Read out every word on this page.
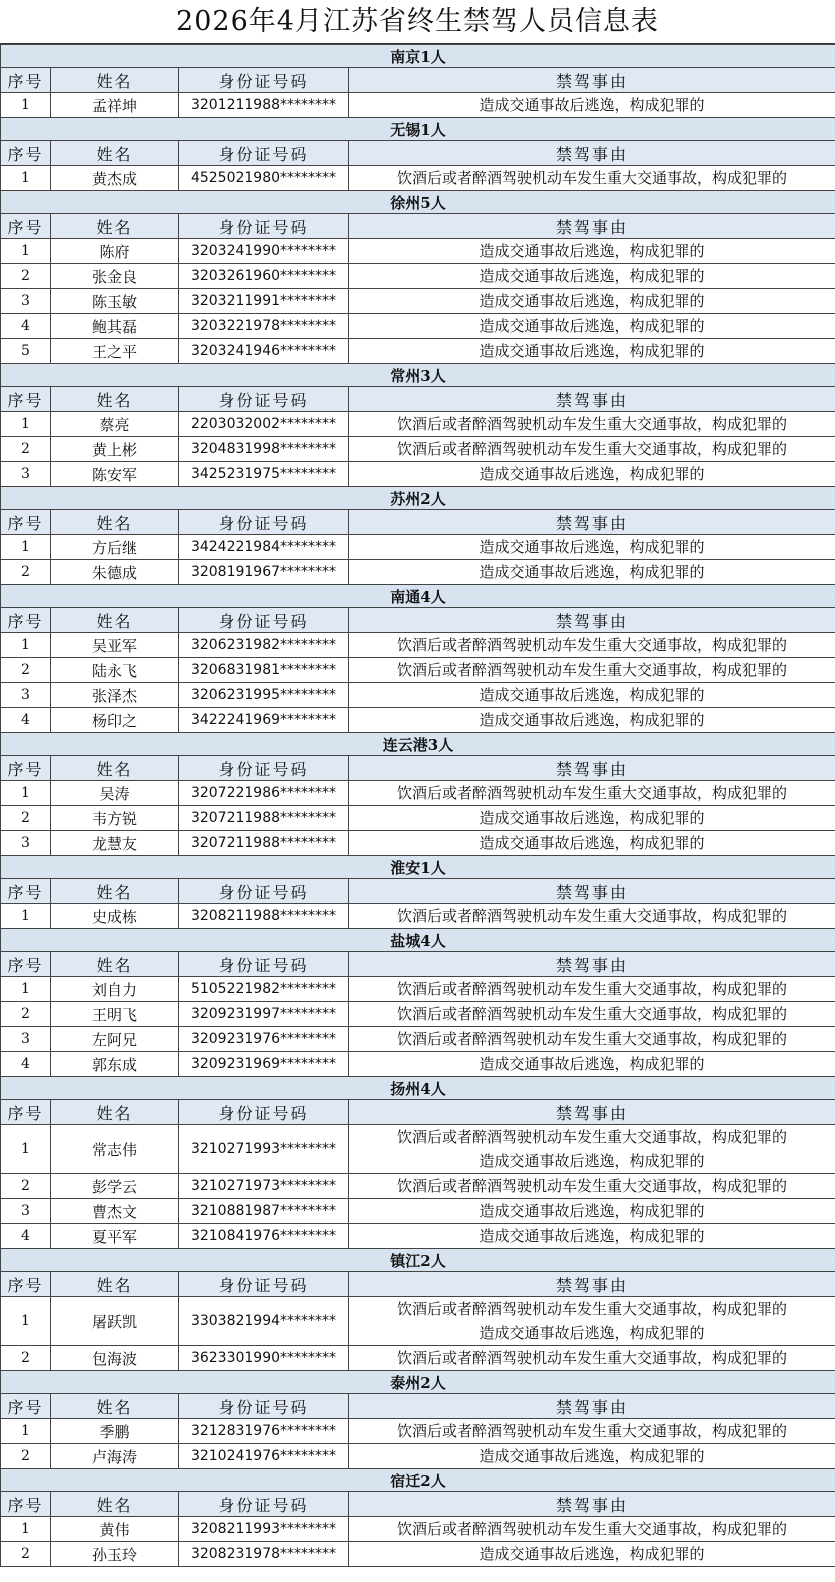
2026年4月江苏省终生禁驾人员信息表
南京1人			
序号	姓名	身份证号码	禁驾事由
1	孟祥坤	3201211988********	造成交通事故后逃逸，构成犯罪的

无锡1人			
序号	姓名	身份证号码	禁驾事由
1	黄杰成	4525021980********	饮酒后或者醉酒驾驶机动车发生重大交通事故，构成犯罪的

徐州5人			
序号	姓名	身份证号码	禁驾事由
1	陈府	3203241990********	造成交通事故后逃逸，构成犯罪的

2	张金良	3203261960********	造成交通事故后逃逸，构成犯罪的

3	陈玉敏	3203211991********	造成交通事故后逃逸，构成犯罪的

4	鲍其磊	3203221978********	造成交通事故后逃逸，构成犯罪的

5	王之平	3203241946********	造成交通事故后逃逸，构成犯罪的

常州3人			
序号	姓名	身份证号码	禁驾事由
1	蔡亮	2203032002********	饮酒后或者醉酒驾驶机动车发生重大交通事故，构成犯罪的

2	黄上彬	3204831998********	饮酒后或者醉酒驾驶机动车发生重大交通事故，构成犯罪的

3	陈安军	3425231975********	造成交通事故后逃逸，构成犯罪的

苏州2人			
序号	姓名	身份证号码	禁驾事由
1	方后继	3424221984********	造成交通事故后逃逸，构成犯罪的

2	朱德成	3208191967********	造成交通事故后逃逸，构成犯罪的

南通4人			
序号	姓名	身份证号码	禁驾事由
1	吴亚军	3206231982********	饮酒后或者醉酒驾驶机动车发生重大交通事故，构成犯罪的

2	陆永飞	3206831981********	饮酒后或者醉酒驾驶机动车发生重大交通事故，构成犯罪的

3	张泽杰	3206231995********	造成交通事故后逃逸，构成犯罪的

4	杨印之	3422241969********	造成交通事故后逃逸，构成犯罪的

连云港3人			
序号	姓名	身份证号码	禁驾事由
1	吴涛	3207221986********	饮酒后或者醉酒驾驶机动车发生重大交通事故，构成犯罪的

2	韦方锐	3207211988********	造成交通事故后逃逸，构成犯罪的

3	龙慧友	3207211988********	造成交通事故后逃逸，构成犯罪的

淮安1人			
序号	姓名	身份证号码	禁驾事由
1	史成栋	3208211988********	饮酒后或者醉酒驾驶机动车发生重大交通事故，构成犯罪的

盐城4人			
序号	姓名	身份证号码	禁驾事由
1	刘自力	5105221982********	饮酒后或者醉酒驾驶机动车发生重大交通事故，构成犯罪的

2	王明飞	3209231997********	饮酒后或者醉酒驾驶机动车发生重大交通事故，构成犯罪的

3	左阿兄	3209231976********	饮酒后或者醉酒驾驶机动车发生重大交通事故，构成犯罪的

4	郭东成	3209231969********	造成交通事故后逃逸，构成犯罪的

扬州4人			
序号	姓名	身份证号码	禁驾事由
1	常志伟	3210271993********	饮酒后或者醉酒驾驶机动车发生重大交通事故，构成犯罪的
造成交通事故后逃逸，构成犯罪的

2	彭学云	3210271973********	饮酒后或者醉酒驾驶机动车发生重大交通事故，构成犯罪的

3	曹杰文	3210881987********	造成交通事故后逃逸，构成犯罪的

4	夏平军	3210841976********	造成交通事故后逃逸，构成犯罪的

镇江2人			
序号	姓名	身份证号码	禁驾事由
1	屠跃凯	3303821994********	饮酒后或者醉酒驾驶机动车发生重大交通事故，构成犯罪的
造成交通事故后逃逸，构成犯罪的

2	包海波	3623301990********	饮酒后或者醉酒驾驶机动车发生重大交通事故，构成犯罪的

泰州2人			
序号	姓名	身份证号码	禁驾事由
1	季鹏	3212831976********	饮酒后或者醉酒驾驶机动车发生重大交通事故，构成犯罪的

2	卢海涛	3210241976********	造成交通事故后逃逸，构成犯罪的

宿迁2人			
序号	姓名	身份证号码	禁驾事由
1	黄伟	3208211993********	饮酒后或者醉酒驾驶机动车发生重大交通事故，构成犯罪的

2	孙玉玲	3208231978********	造成交通事故后逃逸，构成犯罪的
